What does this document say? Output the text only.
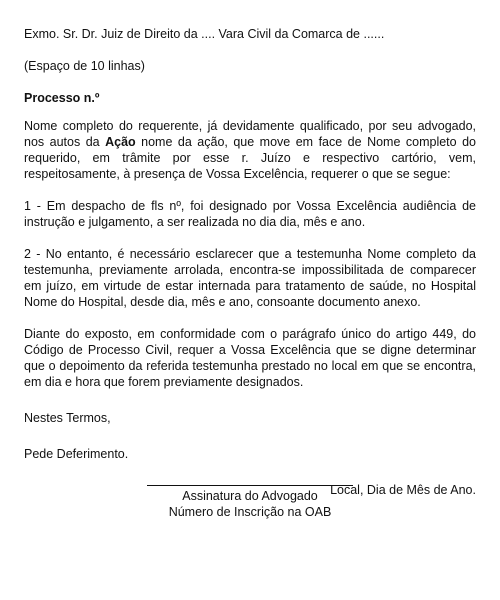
Exmo. Sr. Dr. Juiz de Direito da .... Vara Civil da Comarca de ......

(Espaço de 10 linhas)

Processo n.º

Nome completo do requerente, já devidamente qualificado, por seu advogado, nos autos da Ação nome da ação, que move em face de Nome completo do requerido, em trâmite por esse r. Juízo e respectivo cartório, vem, respeitosamente, à presença de Vossa Excelência, requerer o que se segue:

1 - Em despacho de fls nº, foi designado por Vossa Excelência audiência de instrução e julgamento, a ser realizada no dia dia, mês e ano.

2 - No entanto, é necessário esclarecer que a testemunha Nome completo da testemunha, previamente arrolada, encontra-se impossibilitada de comparecer em juízo, em virtude de estar internada para tratamento de saúde, no Hospital Nome do Hospital, desde dia, mês e ano, consoante documento anexo.

Diante do exposto, em conformidade com o parágrafo único do artigo 449, do Código de Processo Civil, requer a Vossa Excelência que se digne determinar que o depoimento da referida testemunha prestado no local em que se encontra, em dia e hora que forem previamente designados.

Nestes Termos,

Pede Deferimento.

Local, Dia de Mês de Ano.

Assinatura do Advogado
Número de Inscrição na OAB
